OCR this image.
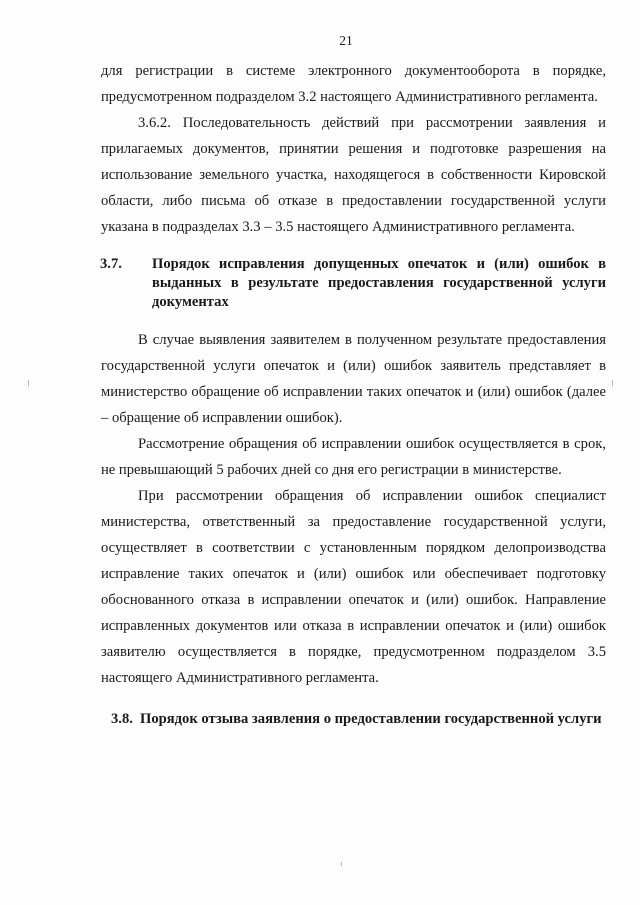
21

для регистрации в системе электронного документооборота в порядке, предусмотренном подразделом 3.2 настоящего Административного регламента.

3.6.2. Последовательность действий при рассмотрении заявления и прилагаемых документов, принятии решения и подготовке разрешения на использование земельного участка, находящегося в собственности Кировской области, либо письма об отказе в предоставлении государственной услуги указана в подразделах 3.3 – 3.5 настоящего Административного регламента.

3.7.	Порядок исправления допущенных опечаток и (или) ошибок в выданных в результате предоставления государственной услуги документах

В случае выявления заявителем в полученном результате предоставления государственной услуги опечаток и (или) ошибок заявитель представляет в министерство обращение об исправлении таких опечаток и (или) ошибок (далее – обращение об исправлении ошибок).

Рассмотрение обращения об исправлении ошибок осуществляется в срок, не превышающий 5 рабочих дней со дня его регистрации в министерстве.

При рассмотрении обращения об исправлении ошибок специалист министерства, ответственный за предоставление государственной услуги, осуществляет в соответствии с установленным порядком делопроизводства исправление таких опечаток и (или) ошибок или обеспечивает подготовку обоснованного отказа в исправлении опечаток и (или) ошибок. Направление исправленных документов или отказа в исправлении опечаток и (или) ошибок заявителю осуществляется в порядке, предусмотренном подразделом 3.5 настоящего Административного регламента.

3.8. Порядок отзыва заявления о предоставлении государственной услуги
